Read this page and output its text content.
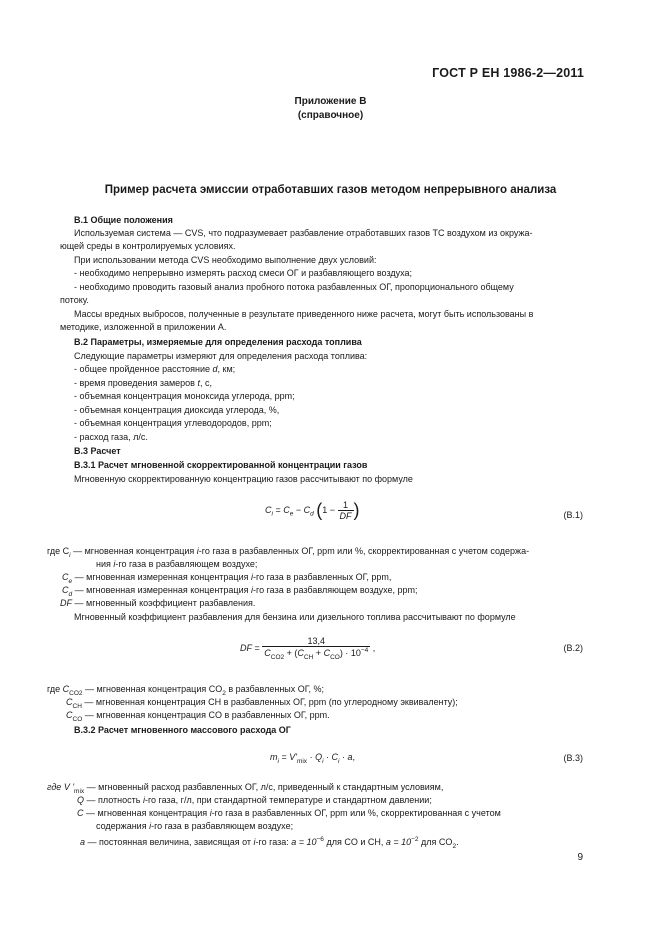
ГОСТ Р ЕН 1986-2—2011
Приложение В
(справочное)
Пример расчета эмиссии отработавших газов методом непрерывного анализа
В.1 Общие положения
Используемая система — CVS, что подразумевает разбавление отработавших газов ТС воздухом из окружа-
ющей среды в контролируемых условиях.
При использовании метода CVS необходимо выполнение двух условий:
- необходимо непрерывно измерять расход смеси ОГ и разбавляющего воздуха;
- необходимо проводить газовый анализ пробного потока разбавленных ОГ, пропорционального общему
потоку.
Массы вредных выбросов, полученные в результате приведенного ниже расчета, могут быть использованы в
методике, изложенной в приложении А.
В.2 Параметры, измеряемые для определения расхода топлива
Следующие параметры измеряют для определения расхода топлива:
- общее пройденное расстояние d, км;
- время проведения замеров t, с,
- объемная концентрация моноксида углерода, ppm;
- объемная концентрация диоксида углерода, %,
- объемная концентрация углеводородов, ppm;
- расход газа, л/с.
В.3 Расчет
В.3.1 Расчет мгновенной скорректированной концентрации газов
Мгновенную скорректированную концентрацию газов рассчитывают по формуле
$C_i = C_e - C_d$ ($1 - \frac{1}{DF}$ )	(В.1)
где $C_i$ — мгновенная концентрация i-го газа в разбавленных ОГ, ppm или %, скорректированная с учетом содержа-
ния i-го газа в разбавляющем воздухе;
$C_e$ — мгновенная измеренная концентрация i-го газа в разбавленных ОГ, ppm,
$C_d$ — мгновенная измеренная концентрация i-го газа в разбавляющем воздухе, ppm;
DF — мгновенный коэффициент разбавления.
Мгновенный коэффициент разбавления для бензина или дизельного топлива рассчитывают по формуле
DF = $\frac{13,4}{C_{CO2} + (C_{CH} + C_{CO}) \cdot 10^{-4}}$ ,	(В.2)
где $C_{CO2}$ — мгновенная концентрация $CO_2$ в разбавленных ОГ, %;
$C_{CH}$ — мгновенная концентрация CH в разбавленных ОГ, ppm (по углеродному эквиваленту);
$C_{CO}$ — мгновенная концентрация CO в разбавленных ОГ, ppm.
В.3.2 Расчет мгновенного массового расхода ОГ
$m_i = V'_{mix} \cdot Q_i \cdot C_i \cdot a$,	(В.3)
где V '$_{mix}$ — мгновенный расход разбавленных ОГ, л/с, приведенный к стандартным условиям,
Q — плотность i-го газа, г/л, при стандартной температуре и стандартном давлении;
C — мгновенная концентрация i-го газа в разбавленных ОГ, ppm или %, скорректированная с учетом
содержания i-го газа в разбавляющем воздухе;
a — постоянная величина, зависящая от i-го газа: $a = 10^{-6}$ для CO и CH, $a = 10^{-2}$ для $CO_2$.
9
